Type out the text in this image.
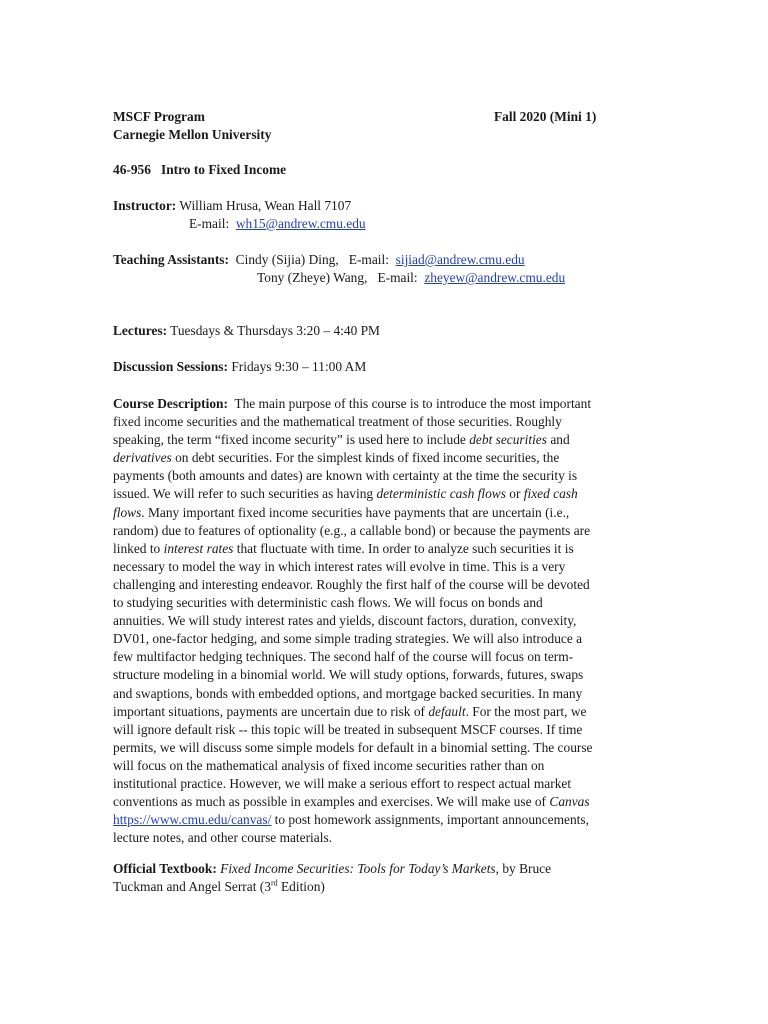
MSCF Program
Carnegie Mellon University
Fall 2020 (Mini 1)
46-956 Intro to Fixed Income
Instructor: William Hrusa, Wean Hall 7107
E-mail: wh15@andrew.cmu.edu
Teaching Assistants: Cindy (Sijia) Ding, E-mail: sijiad@andrew.cmu.edu
Tony (Zheye) Wang, E-mail: zheyew@andrew.cmu.edu
Lectures: Tuesdays & Thursdays 3:20 – 4:40 PM
Discussion Sessions: Fridays 9:30 – 11:00 AM
Course Description: The main purpose of this course is to introduce the most important
fixed income securities and the mathematical treatment of those securities. Roughly
speaking, the term “fixed income security” is used here to include debt securities and
derivatives on debt securities. For the simplest kinds of fixed income securities, the
payments (both amounts and dates) are known with certainty at the time the security is
issued. We will refer to such securities as having deterministic cash flows or fixed cash
flows. Many important fixed income securities have payments that are uncertain (i.e.,
random) due to features of optionality (e.g., a callable bond) or because the payments are
linked to interest rates that fluctuate with time. In order to analyze such securities it is
necessary to model the way in which interest rates will evolve in time. This is a very
challenging and interesting endeavor. Roughly the first half of the course will be devoted
to studying securities with deterministic cash flows. We will focus on bonds and
annuities. We will study interest rates and yields, discount factors, duration, convexity,
DV01, one-factor hedging, and some simple trading strategies. We will also introduce a
few multifactor hedging techniques. The second half of the course will focus on term-
structure modeling in a binomial world. We will study options, forwards, futures, swaps
and swaptions, bonds with embedded options, and mortgage backed securities. In many
important situations, payments are uncertain due to risk of default. For the most part, we
will ignore default risk -- this topic will be treated in subsequent MSCF courses. If time
permits, we will discuss some simple models for default in a binomial setting. The course
will focus on the mathematical analysis of fixed income securities rather than on
institutional practice. However, we will make a serious effort to respect actual market
conventions as much as possible in examples and exercises. We will make use of Canvas
https://www.cmu.edu/canvas/ to post homework assignments, important announcements,
lecture notes, and other course materials.
Official Textbook: Fixed Income Securities: Tools for Today’s Markets, by Bruce
Tuckman and Angel Serrat (3rd Edition)
